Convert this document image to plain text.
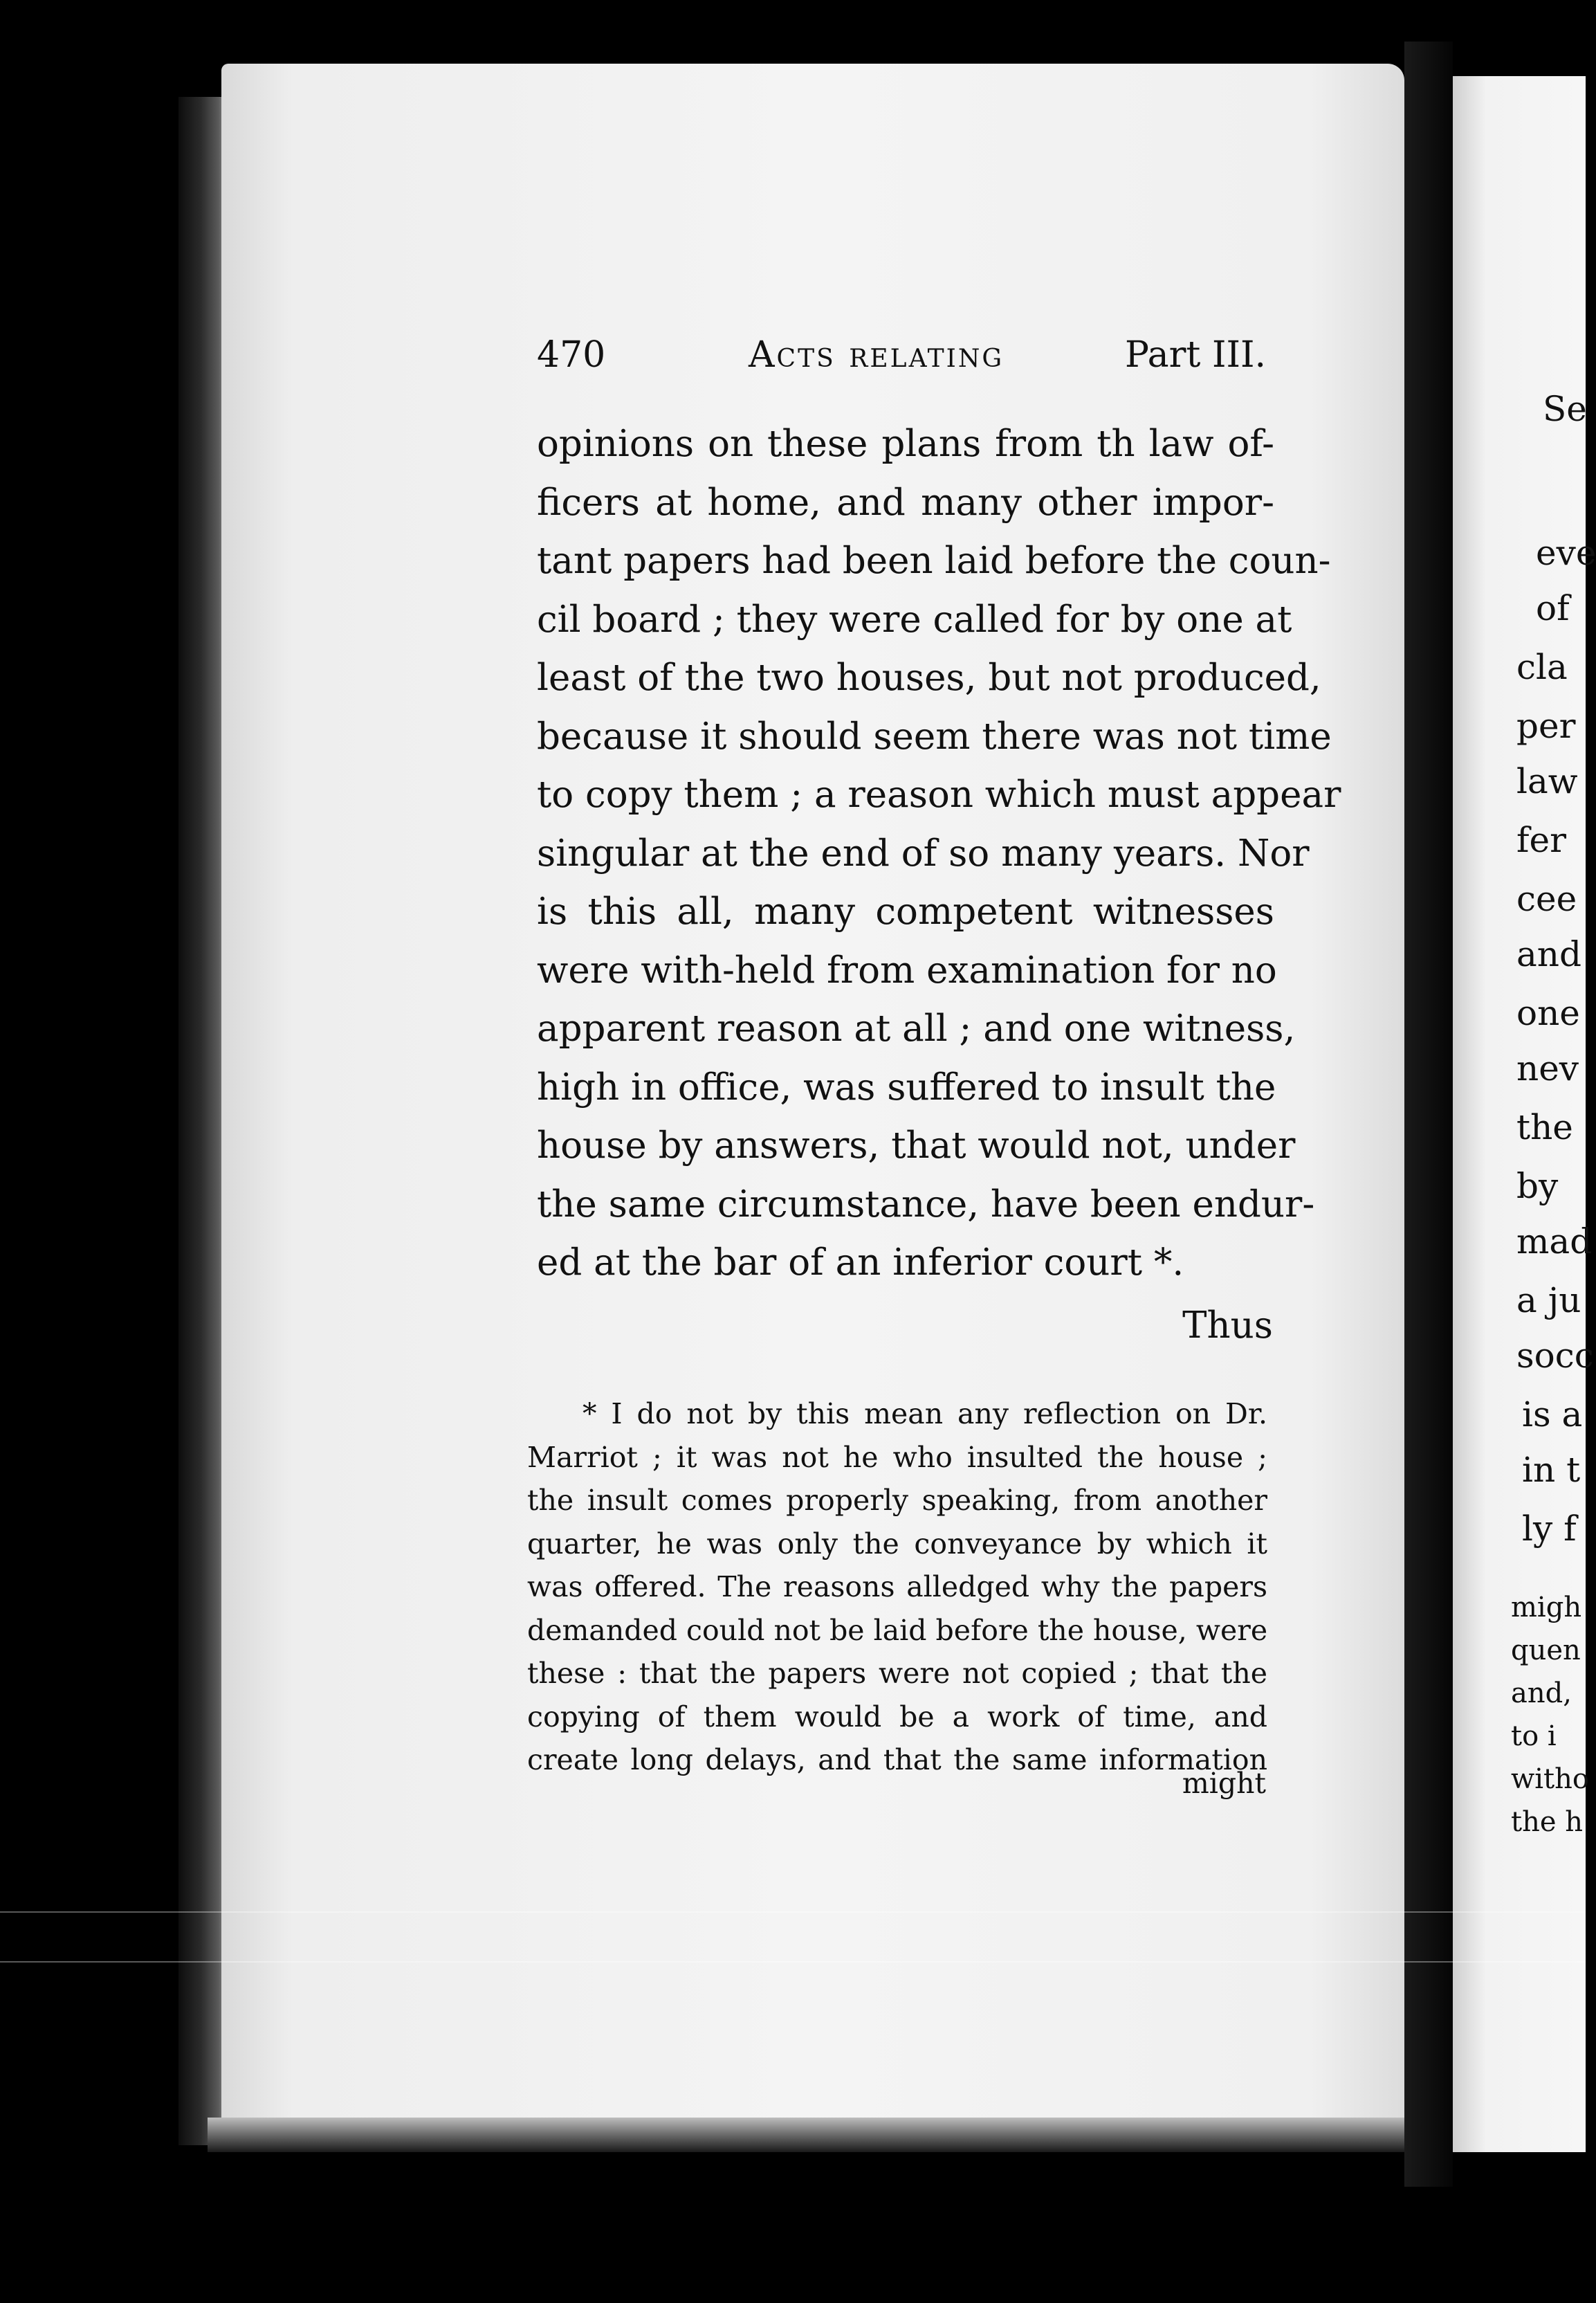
Se
eve
of
cla
per
law
fer
cee
and
one
nev
the
by
mad
a ju
socc
is a
in t
ly f
migh
quen
and,
to i
witho
the h
470	Acts relating	Part III.
opinions on these plans from th law of-
ficers at home, and many other impor-
tant papers had been laid before the coun-
cil board ; they were called for by one at
least of the two houses, but not produced,
because it should seem there was not time
to copy them ; a reason which must appear
singular at the end of so many years. Nor
is this all, many competent witnesses
were with-held from examination for no
apparent reason at all ; and one witness,
high in office, was suffered to insult the
house by answers, that would not, under
the same circumstance, have been endur-
ed at the bar of an inferior court *.
Thus
* I do not by this mean any reflection on Dr.
Marriot ; it was not he who insulted the house ;
the insult comes properly speaking, from another
quarter, he was only the conveyance by which it
was offered. The reasons alledged why the papers
demanded could not be laid before the house, were
these : that the papers were not copied ; that the
copying of them would be a work of time, and
create long delays, and that the same information
might
